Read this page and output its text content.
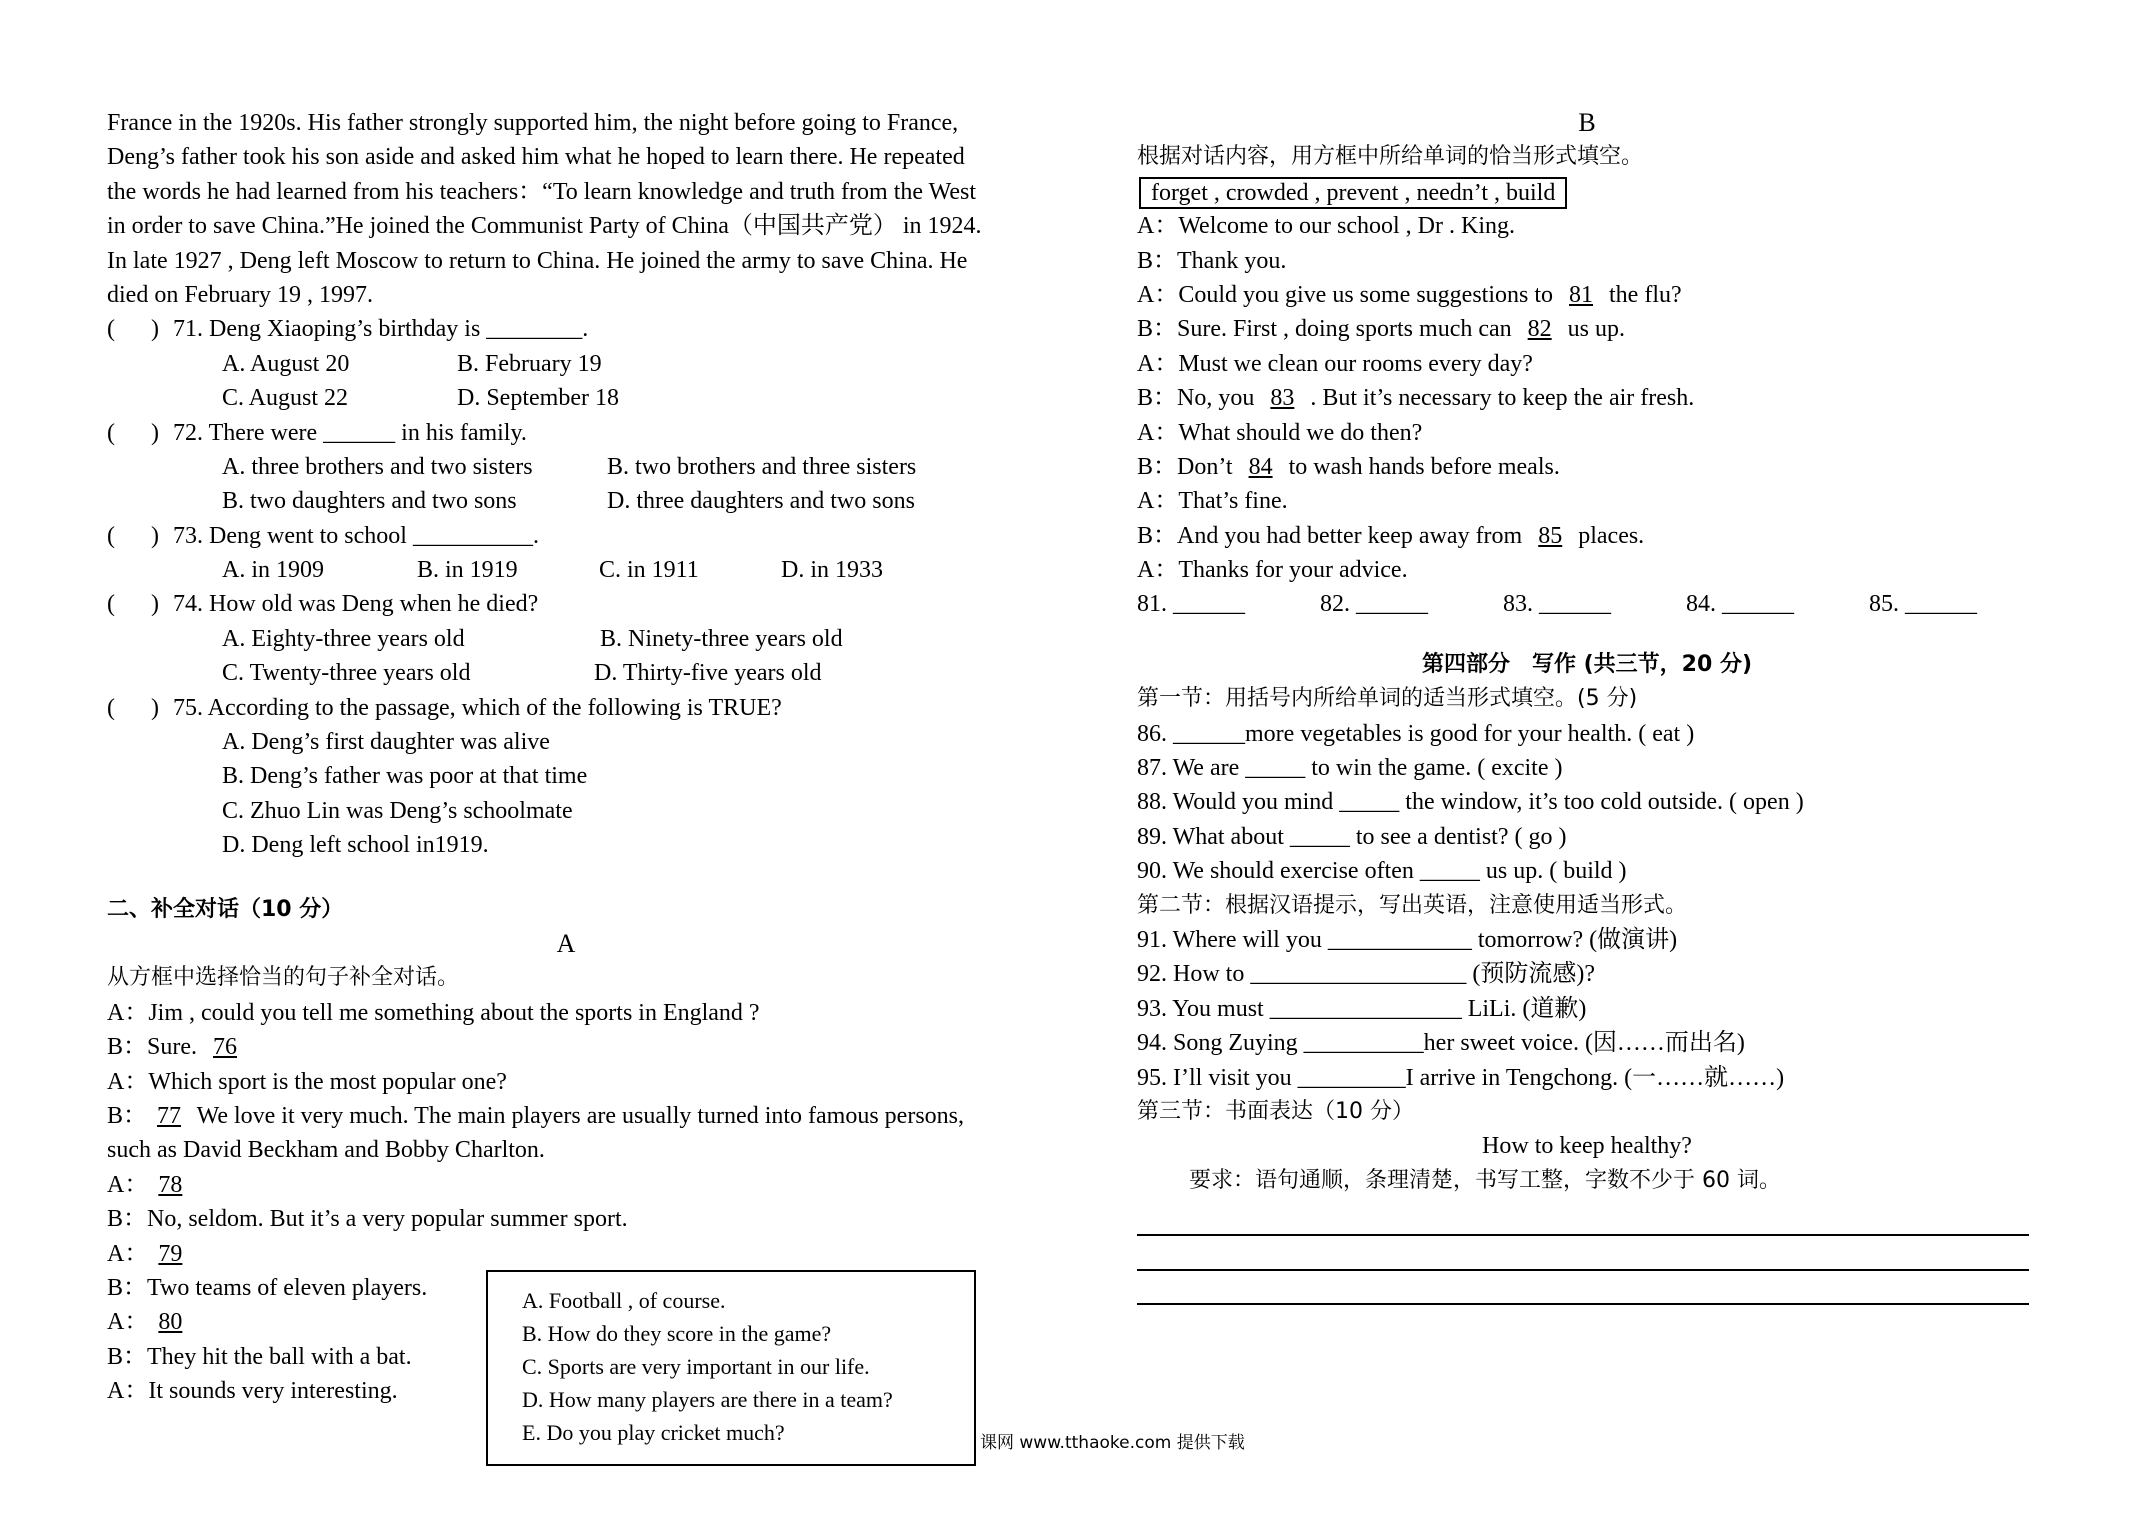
France in the 1920s. His father strongly supported him, the night before going to France,
Deng’s father took his son aside and asked him what he hoped to learn there. He repeated
the words he had learned from his teachers：“To learn knowledge and truth from the West
in order to save China.”He joined the Communist Party of China（中国共产党） in 1924.
In late 1927 , Deng left Moscow to return to China. He joined the army to save China. He
died on February 19 , 1997.
( ) 71. Deng Xiaoping’s birthday is ________.
A. August 20	B. February 19
C. August 22	D. September 18
( ) 72. There were ______ in his family.
A. three brothers and two sisters	B. two brothers and three sisters
B. two daughters and two sons	D. three daughters and two sons
( ) 73. Deng went to school __________.
A. in 1909	B. in 1919	C. in 1911	D. in 1933
( ) 74. How old was Deng when he died?
A. Eighty-three years old	B. Ninety-three years old
C. Twenty-three years old	D. Thirty-five years old
( ) 75. According to the passage, which of the following is TRUE?
A. Deng’s first daughter was alive
B. Deng’s father was poor at that time
C. Zhuo Lin was Deng’s schoolmate
D. Deng left school in1919.
二、补全对话（10 分）
A
从方框中选择恰当的句子补全对话。
A：Jim , could you tell me something about the sports in England ?
B：Sure. 76
A：Which sport is the most popular one?
B： 77 We love it very much. The main players are usually turned into famous persons,
such as David Beckham and Bobby Charlton.
A： 78
B：No, seldom. But it’s a very popular summer sport.
A： 79
B：Two teams of eleven players.
A： 80
B：They hit the ball with a bat.
A：It sounds very interesting.
A. Football , of course.
B. How do they score in the game?
C. Sports are very important in our life.
D. How many players are there in a team?
E. Do you play cricket much?
B
根据对话内容，用方框中所给单词的恰当形式填空。
forget , crowded , prevent , needn’t , build
A：Welcome to our school , Dr . King.
B：Thank you.
A：Could you give us some suggestions to 81 the flu?
B：Sure. First , doing sports much can 82 us up.
A：Must we clean our rooms every day?
B：No, you 83 . But it’s necessary to keep the air fresh.
A：What should we do then?
B：Don’t 84 to wash hands before meals.
A：That’s fine.
B：And you had better keep away from 85 places.
A：Thanks for your advice.
81. ______	82. ______	83. ______	84. ______	85. ______
第四部分　写作 (共三节，20 分)
第一节：用括号内所给单词的适当形式填空。(5 分)
86. ______more vegetables is good for your health. ( eat )
87. We are _____ to win the game. ( excite )
88. Would you mind _____ the window, it’s too cold outside. ( open )
89. What about _____ to see a dentist? ( go )
90. We should exercise often _____ us up. ( build )
第二节：根据汉语提示，写出英语，注意使用适当形式。
91. Where will you ____________ tomorrow? (做演讲)
92. How to __________________ (预防流感)?
93. You must ________________ LiLi. (道歉)
94. Song Zuying __________her sweet voice. (因……而出名)
95. I’ll visit you _________I arrive in Tengchong. (一……就……)
第三节：书面表达（10 分）
How to keep healthy?
要求：语句通顺，条理清楚，书写工整，字数不少于 60 词。
课网 www.tthaoke.com 提供下载
